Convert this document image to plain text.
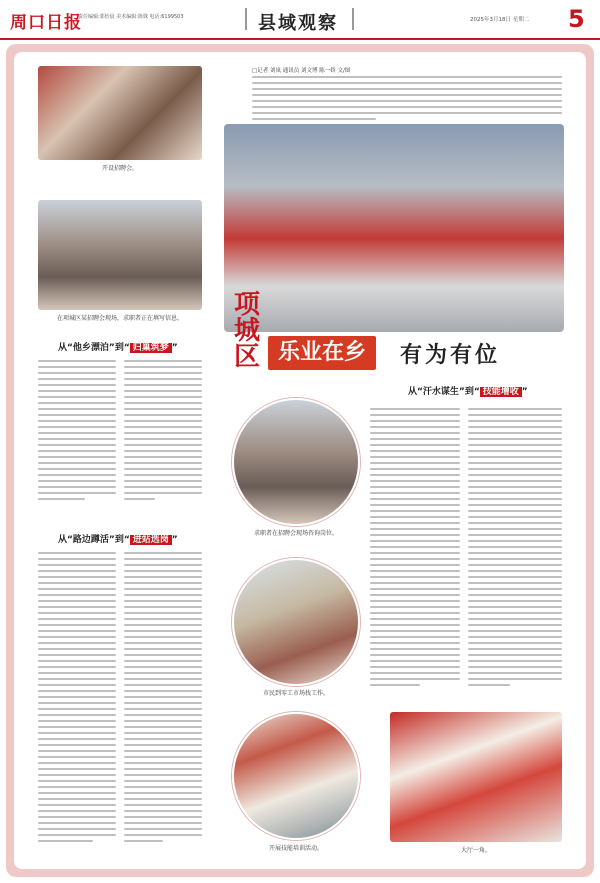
周口日报
责任编辑:郭怡晨 美术编辑:陈姝 电话:6199503	县域观察	2025年3月18日 星期二 5
开设招聘会。
在项城区某招聘会现场，求职者正在填写信息。
从“他乡漂泊”到“ 归巢筑梦 ”
从“路边蹲活”到“ 进站选岗 ”
□记者 刘岚 通讯员 刘文博 陈一娇 文/图
项城区 乐业在乡	有为有位
求职者在招聘会现场咨询岗位。
市民到零工市场找工作。
开展技能培训活动。
从“汗水谋生”到“ 技能增收 ”
大厅一角。
